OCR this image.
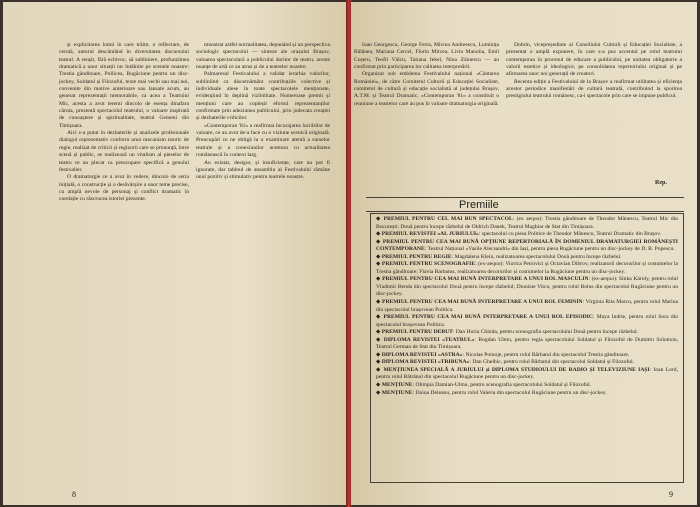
și explicitarea lumii în care trăim, o reflectare, de cerută, autorul descântând în diversitatea discursului teatral. A reușit, fără echivoc, să subliniere, profunzimea dramatică a unor situații rar întâlnite pe scenele noastre: Trestia gânditoare, Pollicea, Rugăciune pentru un disc-jockey, Soldatul și Filozoful, texte mai vechi sau mai noi, convenite din motive anterioare sau lansate acum, au generat reprezentații memorabile, ca acea a Teatrului Mic, acesta a avut teremi dincolo de esența dinafara căruia, prezentă spectacolul teatrului, o valoare inspirată de cunoaștere și spiritualitate, teatrul Gemeni din Timișoara.

Aici s-a putut în dezbaterile și analizele profesionale dialogul reprezentativ conform unui mecanism istoric de regie, realizat de criticii și regizorii care se pronunță, între scenă și public, se realizează un vitalism al pieselor de teatru ce au plecat ca preocupare specifică a genului festivalier.

O dramaturgie ce a avut în vedere, dincolo de seria inițială, o construcție și o desăvârșire a unor teme precise, cu amplă nevoie de personaj și conflict dramatic în corelație cu răscrucea istoriei prezente.

monstrat astfel normalitatea, depunând și un perspectiva sociologic spectacolul — sinteze ale orașului Brașov, valoarea spectaculară a publicului doritor de teatru, aceste nuanțe de artă ce au atras și de a teatrelor noastre.

Palmaresul Festivalului a validat ierarhia valorilor, subliniind ca discernământ contribuțiile colective și individuale alese în toate spectacolele menționate, evidențiind în deplină vizibilitate. Numeroase premii și mențiuni care au copleșit efortul reprezentanților confirmate prin adeziunea publicului, prin judecata creației și dezbaterile criticilor.

«Contemporan '81» a reafirmat încurajarea lucrărilor de valoare, ce au avut de-a face cu o viziune scenică originală. Preocupări ce ne obligă la o examinare atentă a surselor teatrale și a conexiunilor acestora cu actualitatea românească în context larg.

Au existat, desigur, și insuficiențe, care nu pot fi ignorate, dar tabloul de ansamblu al Festivalului rămâne unul pozitiv și stimulativ pentru teatrele noastre.

8

Ioan Georgescu, George Ferra, Mircea Andreescu, Luminița Bălănea, Mariana Cercel, Florin Mircea, Liviu Manolia, Emil Coșeru, Teofil Vâlcu, Tatiana Iekel, Nina Zăinescu — au confirmat prin participarea lor calitatea interpretării.

Organizat sub emblema Festivalului național «Cântarea României», de către Comitetul Culturii și Educației Socialiste, comitetul de cultură și educație socialistă al județului Brașov, A.T.M. și Teatrul Dramatic, «Contemporan '81» a constituit o reuniune a teatrelor care au pus în valoare dramaturgia originală.

Dobrin, vicepreședinte al Consiliului Culturii și Educației Socialiste, a prezentat o amplă expunere, în care s-a pus accentul pe rolul teatrului contemporan în procesul de educare a publicului, pe unitatea obligatorie a valorii estetice și ideologice, pe consolidarea repertoriului original și pe afirmarea unor noi generații de creatori.

Recenta ediție a Festivalului de la Brașov a reafirmat utilitatea și eficiența acestor periodice manifestări de cultură teatrală, contribuind la sporirea prestigiului teatrului românesc, ca-i spectacole prin care se impune publicul.

9
Rep.
Premiile

◆ PREMIUL PENTRU CEL MAI BUN SPECTACOL: (ex aequo): Trestia gânditoare de Theodor Mănescu, Teatrul Mic din București; Două pentru începe răzbelul de Oldrich Danek, Teatrul Maghiar de Stat din Timișoara.

◆ PREMIUL REVISTEI «AL JURIULUI»: spectacolul cu piesa Politice de Theodor Mănescu, Teatrul Dramatic din Brașov.

◆ PREMIUL PENTRU CEA MAI BUNĂ OPȚIUNE REPERTORIALĂ ÎN DOMENIUL DRAMATURGIEI ROMÂNEȘTI CONTEMPORANE: Teatrul Național «Vasile Alecsandri» din Iași, pentru piesa Rugăciune pentru un disc-jockey de D. R. Popescu.

◆ PREMIUL PENTRU REGIE: Magdalena Klein, realizatoarea spectacolului Două pentru începe răzbelul.

◆ PREMIUL PENTRU SCENOGRAFIE: (ex-aequo): Viorica Petrovici și Octavian Dibrov, realizatorii decorurilor și costumelor la Trestia gânditoare; Flavia Barbatus, realizatoarea decorurilor și costumelor la Rugăciune pentru un disc-jockey.

◆ PREMIUL PENTRU CEA MAI BUNĂ INTERPRETARE A UNUI ROL MASCULIN: (ex-aequo): Sinka Károly, pentru rolul Vladimir Benda din spectacolul Două pentru începe răzbelul; Dionisie Vitcu, pentru rolul Bolus din spectacolul Rugăciune pentru un disc-jockey.

◆ PREMIUL PENTRU CEA MAI BUNĂ INTERPRETARE A UNUI ROL FEMININ: Virginia Rita Marcu, pentru rolul Marina din spectacolul brașovean Politica.

◆ PREMIUL PENTRU CEA MAI BUNĂ INTERPRETARE A UNUI ROL EPISODIC: Maya Indrie, pentru rolul Sora din spectacolul brașovean Politica.

◆ PREMIUL PENTRU DEBUT: Dan Horia Chinda, pentru scenografia spectacolului Două pentru începe răzbelul.

◆ DIPLOMA REVISTEI «TEATRUL»: Bogdan Ulmu, pentru regia spectacolului Soldatul și Filozoful de Dumitru Solomon, Teatrul German de Stat din Timișoara.

◆ DIPLOMA REVISTEI «ASTRA»: Nicolae Pomoje, pentru rolul Bărbatul din spectacolul Trestia gânditoare.

◆ DIPLOMA REVISTEI «TRIBUNA»: Dan Ghelbic, pentru rolul Bărbatul din spectacolul Soldatul și Filozoful.

◆ MENȚIUNEA SPECIALĂ A JURIULUI și DIPLOMA STUDIOULUI DE RADIO ȘI TELEVIZIUNE IAȘI: Ioan Lord, pentru rolul Bătrânul din spectacolul Rugăciune pentru un disc-jockey.

◆ MENȚIUNE: Olimpia Damian-Ulmu, pentru scenografia spectacolului Soldatul și Filozoful.

◆ MENȚIUNE: Doina Deleanu, pentru rolul Valeria din spectacolul Rugăciune pentru un disc-jockey.
